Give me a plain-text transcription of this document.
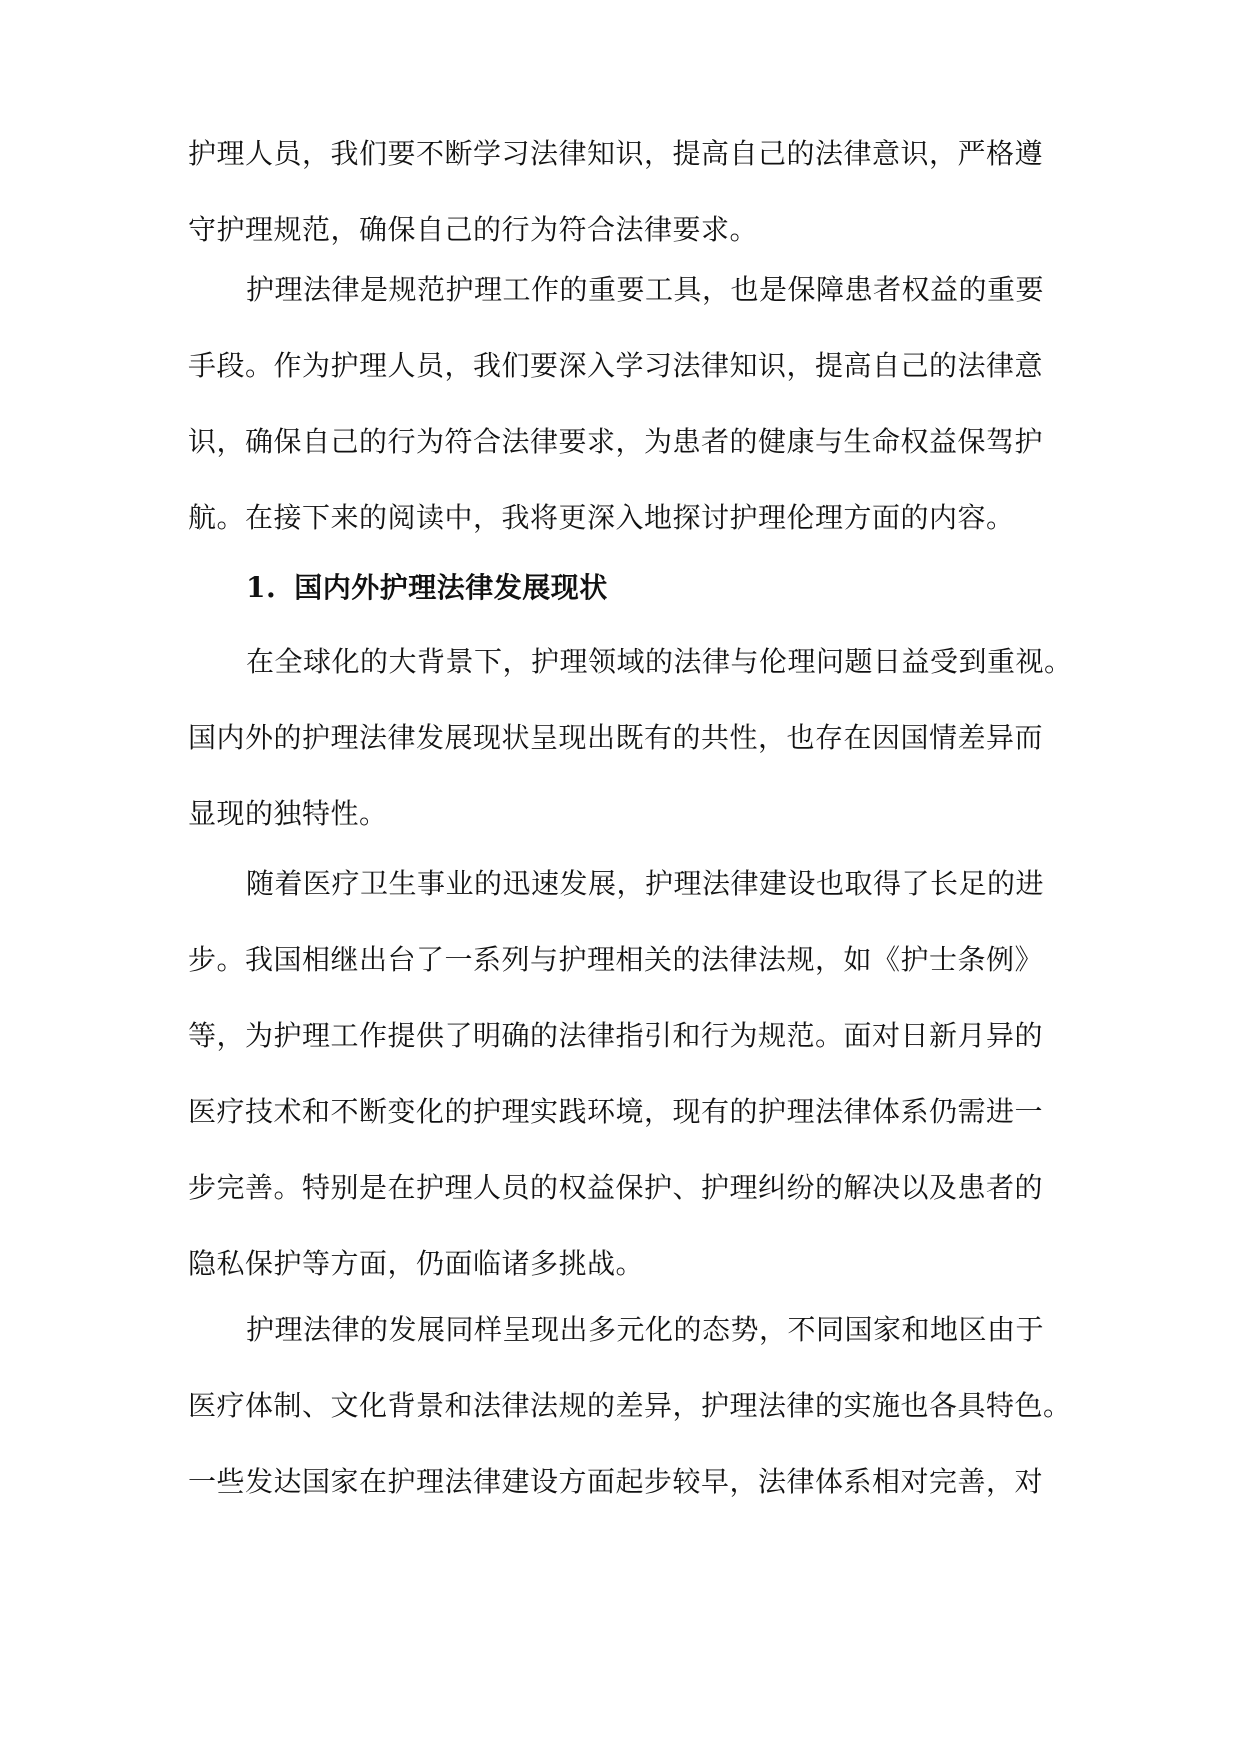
护理人员，我们要不断学习法律知识，提高自己的法律意识，严格遵
守护理规范，确保自己的行为符合法律要求。
护理法律是规范护理工作的重要工具，也是保障患者权益的重要
手段。作为护理人员，我们要深入学习法律知识，提高自己的法律意
识，确保自己的行为符合法律要求，为患者的健康与生命权益保驾护
航。在接下来的阅读中，我将更深入地探讨护理伦理方面的内容。
1. 国内外护理法律发展现状
在全球化的大背景下，护理领域的法律与伦理问题日益受到重视。
国内外的护理法律发展现状呈现出既有的共性，也存在因国情差异而
显现的独特性。
随着医疗卫生事业的迅速发展，护理法律建设也取得了长足的进
步。我国相继出台了一系列与护理相关的法律法规，如《护士条例》
等，为护理工作提供了明确的法律指引和行为规范。面对日新月异的
医疗技术和不断变化的护理实践环境，现有的护理法律体系仍需进一
步完善。特别是在护理人员的权益保护、护理纠纷的解决以及患者的
隐私保护等方面，仍面临诸多挑战。
护理法律的发展同样呈现出多元化的态势，不同国家和地区由于
医疗体制、文化背景和法律法规的差异，护理法律的实施也各具特色。
一些发达国家在护理法律建设方面起步较早，法律体系相对完善，对
